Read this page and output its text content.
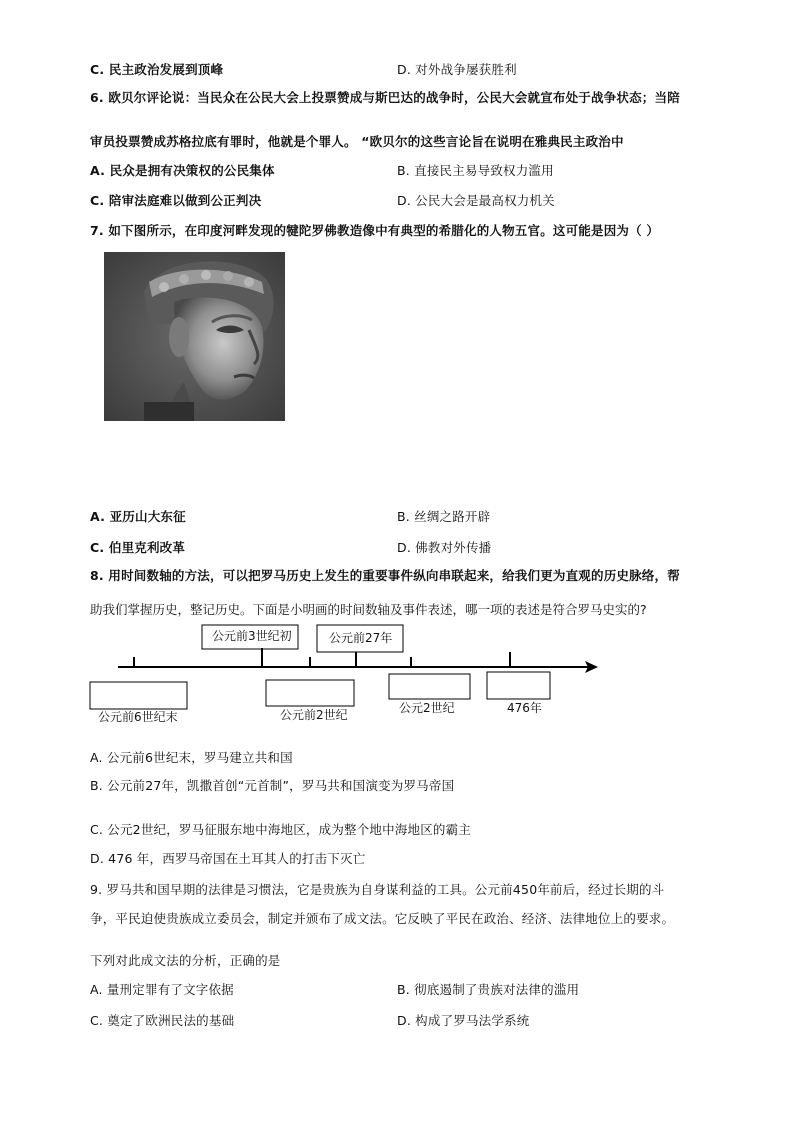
C. 民主政治发展到顶峰	D. 对外战争屡获胜利
6. 欧贝尔评论说：当民众在公民大会上投票赞成与斯巴达的战争时，公民大会就宣布处于战争状态；当陪
审员投票赞成苏格拉底有罪时，他就是个罪人。 “欧贝尔的这些言论旨在说明在雅典民主政治中
A. 民众是拥有决策权的公民集体	B. 直接民主易导致权力滥用
C. 陪审法庭难以做到公正判决	D. 公民大会是最高权力机关
7. 如下图所示，在印度河畔发现的犍陀罗佛教造像中有典型的希腊化的人物五官。这可能是因为（ ）
A. 亚历山大东征	B. 丝绸之路开辟
C. 伯里克利改革	D. 佛教对外传播
8. 用时间数轴的方法，可以把罗马历史上发生的重要事件纵向串联起来，给我们更为直观的历史脉络，帮
助我们掌握历史，整记历史。下面是小明画的时间数轴及事件表述，哪一项的表述是符合罗马史实的?
公元前3世纪初	公元前27年
公元前6世纪末	公元前2世纪	公元2世纪	476年
A. 公元前6世纪末，罗马建立共和国
B. 公元前27年，凯撒首创“元首制”，罗马共和国演变为罗马帝国
C. 公元2世纪，罗马征服东地中海地区，成为整个地中海地区的霸主
D. 476 年，西罗马帝国在土耳其人的打击下灭亡
9. 罗马共和国早期的法律是习惯法，它是贵族为自身谋利益的工具。公元前450年前后，经过长期的斗
争，平民迫使贵族成立委员会，制定并颁布了成文法。它反映了平民在政治、经济、法律地位上的要求。
下列对此成文法的分析，正确的是
A. 量刑定罪有了文字依据	B. 彻底遏制了贵族对法律的滥用
C. 奠定了欧洲民法的基础	D. 构成了罗马法学系统
